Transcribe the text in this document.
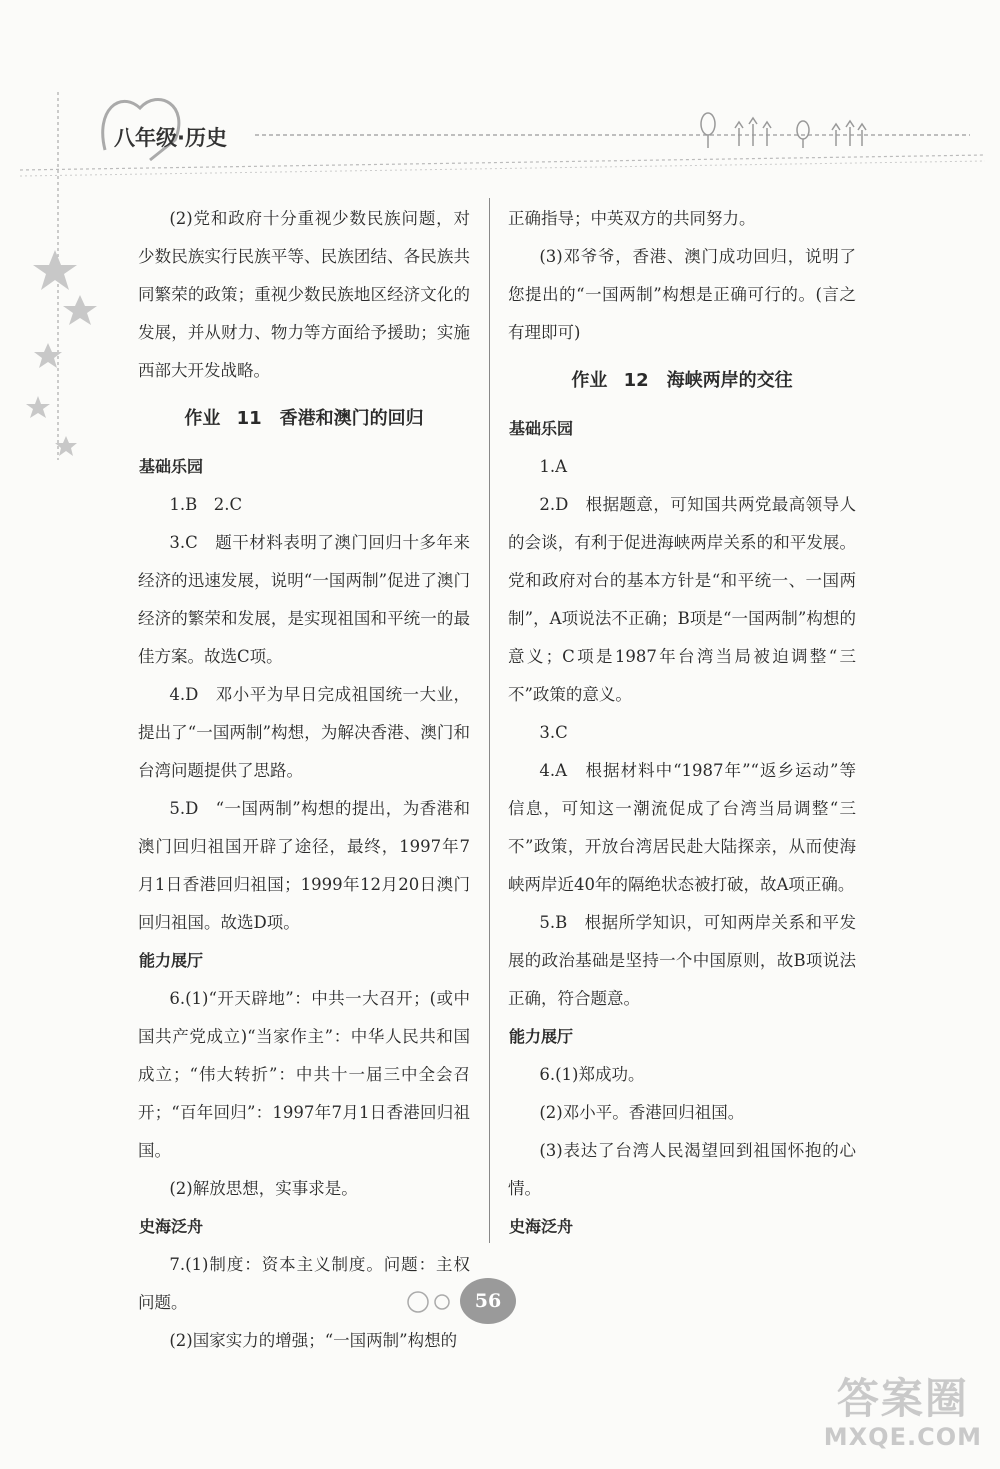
八年级·历史

(2)党和政府十分重视少数民族问题，对少数民族实行民族平等、民族团结、各民族共同繁荣的政策；重视少数民族地区经济文化的发展，并从财力、物力等方面给予援助；实施西部大开发战略。

作业 11　香港和澳门的回归
基础乐园

1.B　2.C

3.C　题干材料表明了澳门回归十多年来经济的迅速发展，说明“一国两制”促进了澳门经济的繁荣和发展，是实现祖国和平统一的最佳方案。故选C项。

4.D　邓小平为早日完成祖国统一大业，提出了“一国两制”构想，为解决香港、澳门和台湾问题提供了思路。

5.D　“一国两制”构想的提出，为香港和澳门回归祖国开辟了途径，最终，1997年7月1日香港回归祖国；1999年12月20日澳门回归祖国。故选D项。

能力展厅

6.(1)“开天辟地”：中共一大召开；(或中国共产党成立)“当家作主”：中华人民共和国成立；“伟大转折”：中共十一届三中全会召开；“百年回归”：1997年7月1日香港回归祖国。

(2)解放思想，实事求是。

史海泛舟

7.(1)制度：资本主义制度。问题：主权问题。

(2)国家实力的增强；“一国两制”构想的

正确指导；中英双方的共同努力。

(3)邓爷爷，香港、澳门成功回归，说明了您提出的“一国两制”构想是正确可行的。(言之有理即可)

作业 12　海峡两岸的交往
基础乐园

1.A

2.D　根据题意，可知国共两党最高领导人的会谈，有利于促进海峡两岸关系的和平发展。党和政府对台的基本方针是“和平统一、一国两制”，A项说法不正确；B项是“一国两制”构想的意义；C项是1987年台湾当局被迫调整“三不”政策的意义。

3.C

4.A　根据材料中“1987年”“返乡运动”等信息，可知这一潮流促成了台湾当局调整“三不”政策，开放台湾居民赴大陆探亲，从而使海峡两岸近40年的隔绝状态被打破，故A项正确。

5.B　根据所学知识，可知两岸关系和平发展的政治基础是坚持一个中国原则，故B项说法正确，符合题意。

能力展厅

6.(1)郑成功。

(2)邓小平。香港回归祖国。

(3)表达了台湾人民渴望回到祖国怀抱的心情。

史海泛舟
56
答案圈
MXQE.COM
